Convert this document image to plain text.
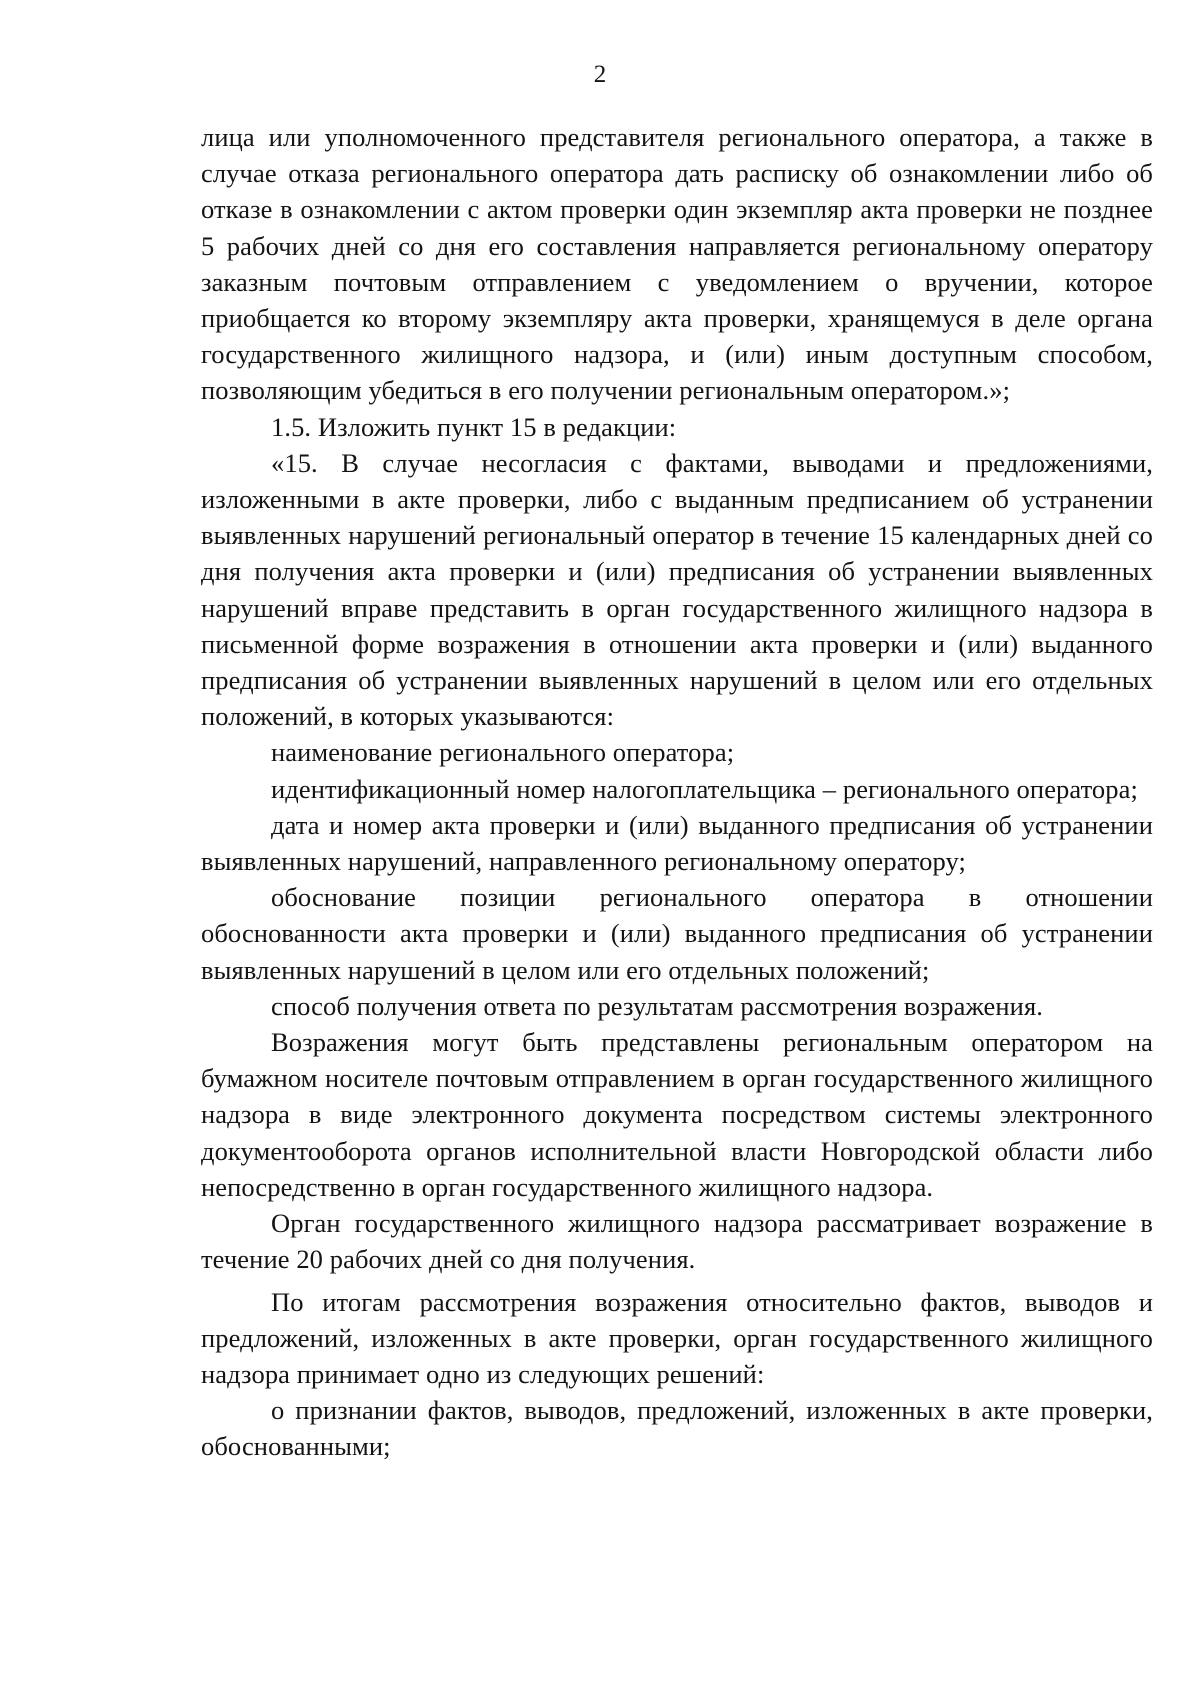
2

лица или уполномоченного представителя регионального оператора, а также в случае отказа регионального оператора дать расписку об ознакомлении либо об отказе в ознакомлении с актом проверки один экземпляр акта проверки не позднее 5 рабочих дней со дня его составления направляется региональному оператору заказным почтовым отправлением с уведомлением о вручении, которое приобщается ко второму экземпляру акта проверки, хранящемуся в деле органа государственного жилищного надзора, и (или) иным доступным способом, позволяющим убедиться в его получении региональным оператором.»;

1.5. Изложить пункт 15 в редакции:

«15. В случае несогласия с фактами, выводами и предложениями, изложенными в акте проверки, либо с выданным предписанием об устранении выявленных нарушений региональный оператор в течение 15 календарных дней со дня получения акта проверки и (или) предписания об устранении выявленных нарушений вправе представить в орган государственного жилищного надзора в письменной форме возражения в отношении акта проверки и (или) выданного предписания об устранении выявленных нарушений в целом или его отдельных положений, в которых указываются:

наименование регионального оператора;

идентификационный номер налогоплательщика – регионального оператора;

дата и номер акта проверки и (или) выданного предписания об устранении выявленных нарушений, направленного региональному оператору;

обоснование позиции регионального оператора в отношении обоснованности акта проверки и (или) выданного предписания об устранении выявленных нарушений в целом или его отдельных положений;

способ получения ответа по результатам рассмотрения возражения.

Возражения могут быть представлены региональным оператором на бумажном носителе почтовым отправлением в орган государственного жилищного надзора в виде электронного документа посредством системы электронного документооборота органов исполнительной власти Новгородской области либо непосредственно в орган государственного жилищного надзора.

Орган государственного жилищного надзора рассматривает возражение в течение 20 рабочих дней со дня получения.

По итогам рассмотрения возражения относительно фактов, выводов и предложений, изложенных в акте проверки, орган государственного жилищного надзора принимает одно из следующих решений:

о признании фактов, выводов, предложений, изложенных в акте проверки, обоснованными;
